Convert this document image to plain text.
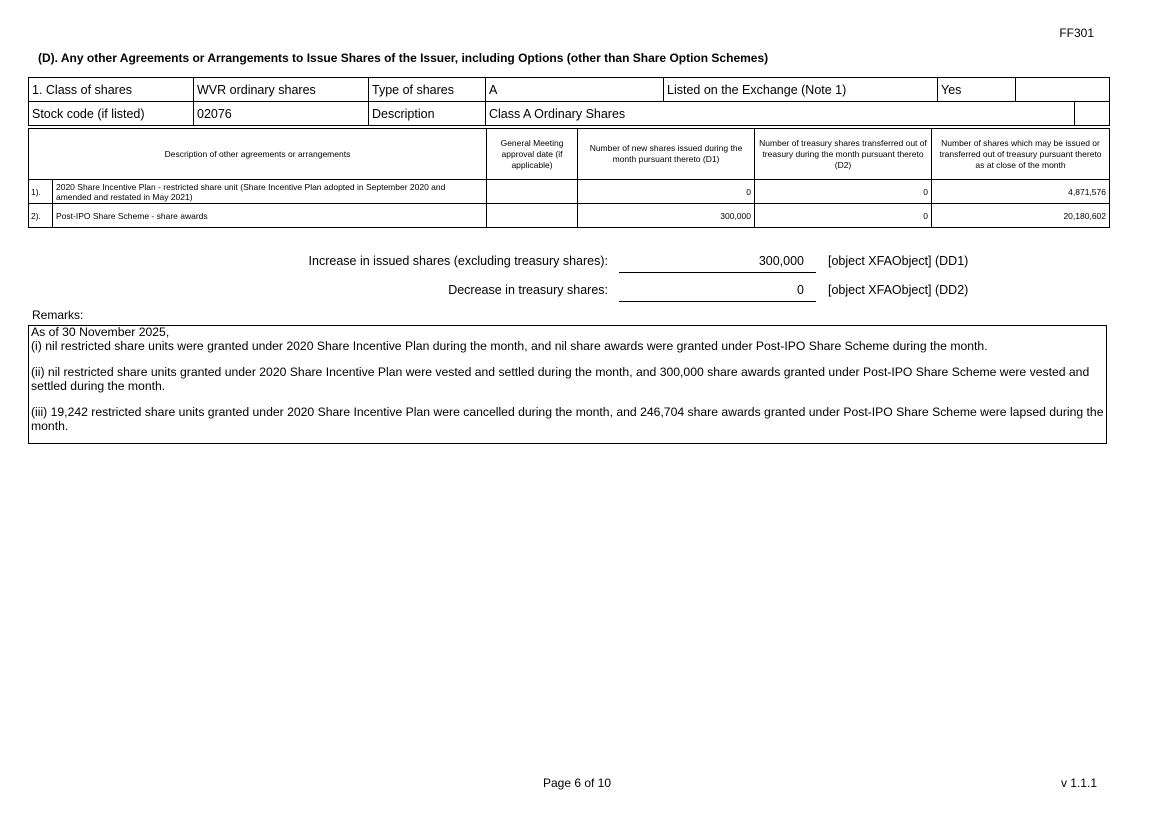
FF301
(D). Any other Agreements or Arrangements to Issue Shares of the Issuer, including Options (other than Share Option Schemes)
1. Class of shares	WVR ordinary shares	Type of shares	A	Listed on the Exchange (Note 1)	Yes		
Stock code (if listed)	02076	Description	Class A Ordinary Shares				
Description of other agreements or arrangements		General Meeting approval date (if applicable)	Number of new shares issued during the month pursuant thereto (D1)	Number of treasury shares transferred out of treasury during the month pursuant thereto (D2)	Number of shares which may be issued or transferred out of treasury pursuant thereto as at close of the month
1).	2020 Share Incentive Plan - restricted share unit (Share Incentive Plan adopted in September 2020 and amended and restated in May 2021)		0	0	4,871,576
2).	Post-IPO Share Scheme - share awards		300,000	0	20,180,602
Increase in issued shares (excluding treasury shares):	300,000 [object XFAObject] (DD1)
Decrease in treasury shares:	0 [object XFAObject] (DD2)
Remarks:

As of 30 November 2025,

(i) nil restricted share units were granted under 2020 Share Incentive Plan during the month, and nil share awards were granted under Post-IPO Share Scheme during the month.

(ii) nil restricted share units granted under 2020 Share Incentive Plan were vested and settled during the month, and 300,000 share awards granted under Post-IPO Share Scheme were vested and settled during the month.

(iii) 19,242 restricted share units granted under 2020 Share Incentive Plan were cancelled during the month, and 246,704 share awards granted under Post-IPO Share Scheme were lapsed during the month.

Page 6 of 10	v 1.1.1
